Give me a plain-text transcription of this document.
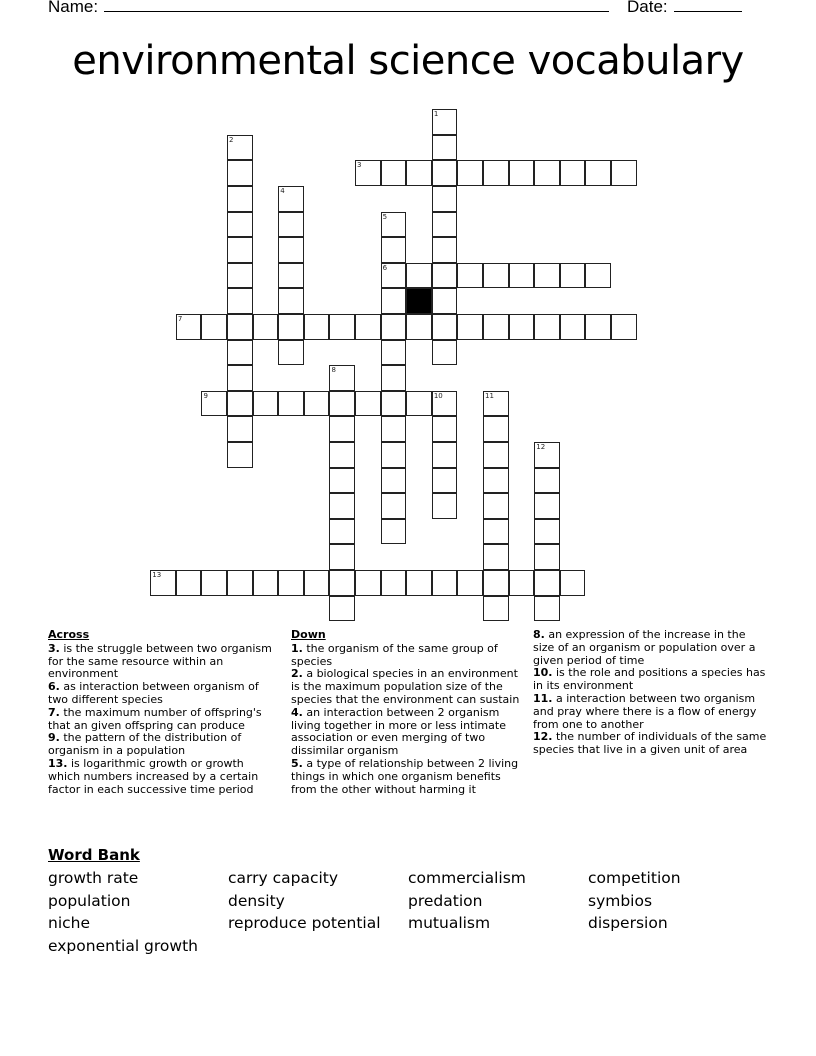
Name:	Date:
environmental science vocabulary
1
2
3
4
5
6
7
8
9	10	11
12
13
Across

3. is the struggle between two organism for the same resource within an environment

6. as interaction between organism of two different species

7. the maximum number of offspring's that an given offspring can produce

9. the pattern of the distribution of organism in a population

13. is logarithmic growth or growth which numbers increased by a certain factor in each successive time period

Down

1. the organism of the same group of species

2. a biological species in an environment is the maximum population size of the species that the environment can sustain

4. an interaction between 2 organism living together in more or less intimate association or even merging of two dissimilar organism

5. a type of relationship between 2 living things in which one organism benefits from the other without harming it

8. an expression of the increase in the size of an organism or population over a given period of time

10. is the role and positions a species has in its environment

11. a interaction between two organism and pray where there is a flow of energy from one to another

12. the number of individuals of the same species that live in a given unit of area

Word Bank
growth rate	carry capacity	commercialism	competition
population	density	predation	symbios
niche	reproduce potential	mutualism	dispersion
exponential growth
